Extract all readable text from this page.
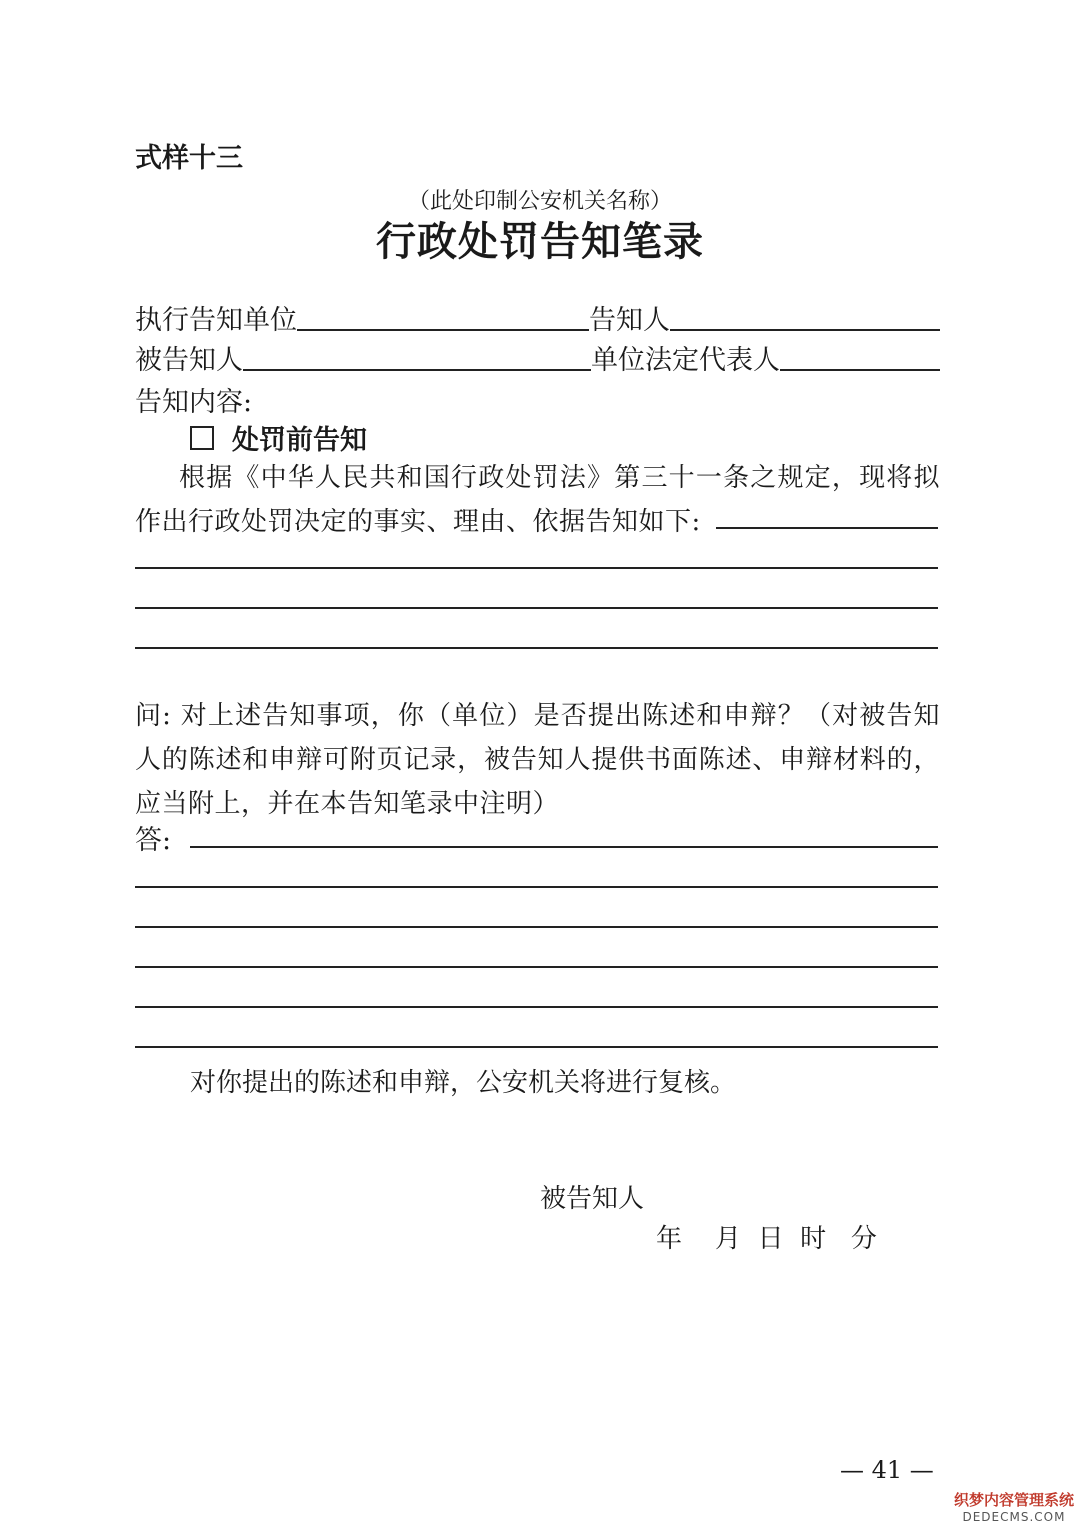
式样十三
（此处印制公安机关名称）
行政处罚告知笔录
执行告知单位	告知人
被告知人	单位法定代表人
告知内容:
处罚前告知
根据《中华人民共和国行政处罚法》第三十一条之规定，现将拟作出行政处罚决定的事实、理由、依据告知如下:
问: 对上述告知事项，你（单位）是否提出陈述和申辩？（对被告知人的陈述和申辩可附页记录，被告知人提供书面陈述、申辩材料的，应当附上，并在本告知笔录中注明）
答:
对你提出的陈述和申辩，公安机关将进行复核。
被告知人
年    月  日  时   分
— 41 —
织梦内容管理系统
DEDECMS.COM
